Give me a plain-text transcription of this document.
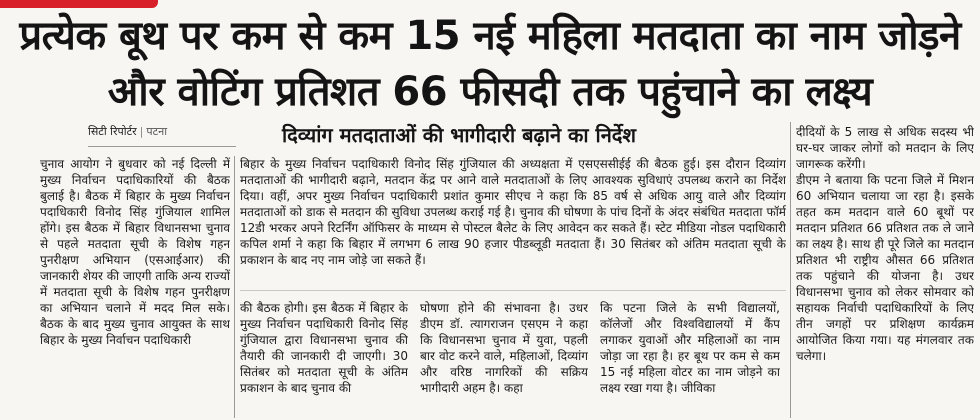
प्रत्येक बूथ पर कम से कम 15 नई महिला मतदाता का नाम जोड़ने और वोटिंग प्रतिशत 66 फीसदी तक पहुंचाने का लक्ष्य
सिटी रिपोर्टर | पटना	दिव्यांग मतदाताओं की भागीदारी बढ़ाने का निर्देश

चुनाव आयोग ने बुधवार को नई दिल्ली में मुख्य निर्वाचन पदाधिकारियों की बैठक बुलाई है। बैठक में बिहार के मुख्य निर्वाचन पदाधिकारी विनोद सिंह गुंजियाल शामिल होंगे। इस बैठक में बिहार विधानसभा चुनाव से पहले मतदाता सूची के विशेष गहन पुनरीक्षण अभियान (एसआईआर) की जानकारी शेयर की जाएगी ताकि अन्य राज्यों में मतदाता सूची के विशेष गहन पुनरीक्षण का अभियान चलाने में मदद मिल सके। बैठक के बाद मुख्य चुनाव आयुक्त के साथ बिहार के मुख्य निर्वाचन पदाधिकारी

बिहार के मुख्य निर्वाचन पदाधिकारी विनोद सिंह गुंजियाल की अध्यक्षता में एसएससीईई की बैठक हुई। इस दौरान दिव्यांग मतदाताओं की भागीदारी बढ़ाने, मतदान केंद्र पर आने वाले मतदाताओं के लिए आवश्यक सुविधाएं उपलब्ध कराने का निर्देश दिया। वहीं, अपर मुख्य निर्वाचन पदाधिकारी प्रशांत कुमार सीएच ने कहा कि 85 वर्ष से अधिक आयु वाले और दिव्यांग मतदाताओं को डाक से मतदान की सुविधा उपलब्ध कराई गई है। चुनाव की घोषणा के पांच दिनों के अंदर संबंधित मतदाता फॉर्म 12डी भरकर अपने रिटर्निंग ऑफिसर के माध्यम से पोस्टल बैलेट के लिए आवेदन कर सकते हैं। स्टेट मीडिया नोडल पदाधिकारी कपिल शर्मा ने कहा कि बिहार में लगभग 6 लाख 90 हजार पीडब्लूडी मतदाता हैं। 30 सितंबर को अंतिम मतदाता सूची के प्रकाशन के बाद नए नाम जोड़े जा सकते हैं।

की बैठक होगी। इस बैठक में बिहार के मुख्य निर्वाचन पदाधिकारी विनोद सिंह गुंजियाल द्वारा विधानसभा चुनाव की तैयारी की जानकारी दी जाएगी। 30 सितंबर को मतदाता सूची के अंतिम प्रकाशन के बाद चुनाव की

घोषणा होने की संभावना है। उधर डीएम डॉ. त्यागराजन एसएम ने कहा कि विधानसभा चुनाव में युवा, पहली बार वोट करने वाले, महिलाओं, दिव्यांग और वरिष्ठ नागरिकों की सक्रिय भागीदारी अहम है। कहा

कि पटना जिले के सभी विद्यालयों, कॉलेजों और विश्वविद्यालयों में कैंप लगाकर युवाओं और महिलाओं का नाम जोड़ा जा रहा है। हर बूथ पर कम से कम 15 नई महिला वोटर का नाम जोड़ने का लक्ष्य रखा गया है। जीविका

दीदियों के 5 लाख से अधिक सदस्य भी घर-घर जाकर लोगों को मतदान के लिए जागरूक करेंगी।
डीएम ने बताया कि पटना जिले में मिशन 60 अभियान चलाया जा रहा है। इसके तहत कम मतदान वाले 60 बूथों पर मतदान प्रतिशत 66 प्रतिशत तक ले जाने का लक्ष्य है। साथ ही पूरे जिले का मतदान प्रतिशत भी राष्ट्रीय औसत 66 प्रतिशत तक पहुंचाने की योजना है। उधर विधानसभा चुनाव को लेकर सोमवार को सहायक निर्वाची पदाधिकारियों के लिए तीन जगहों पर प्रशिक्षण कार्यक्रम आयोजित किया गया। यह मंगलवार तक चलेगा।
